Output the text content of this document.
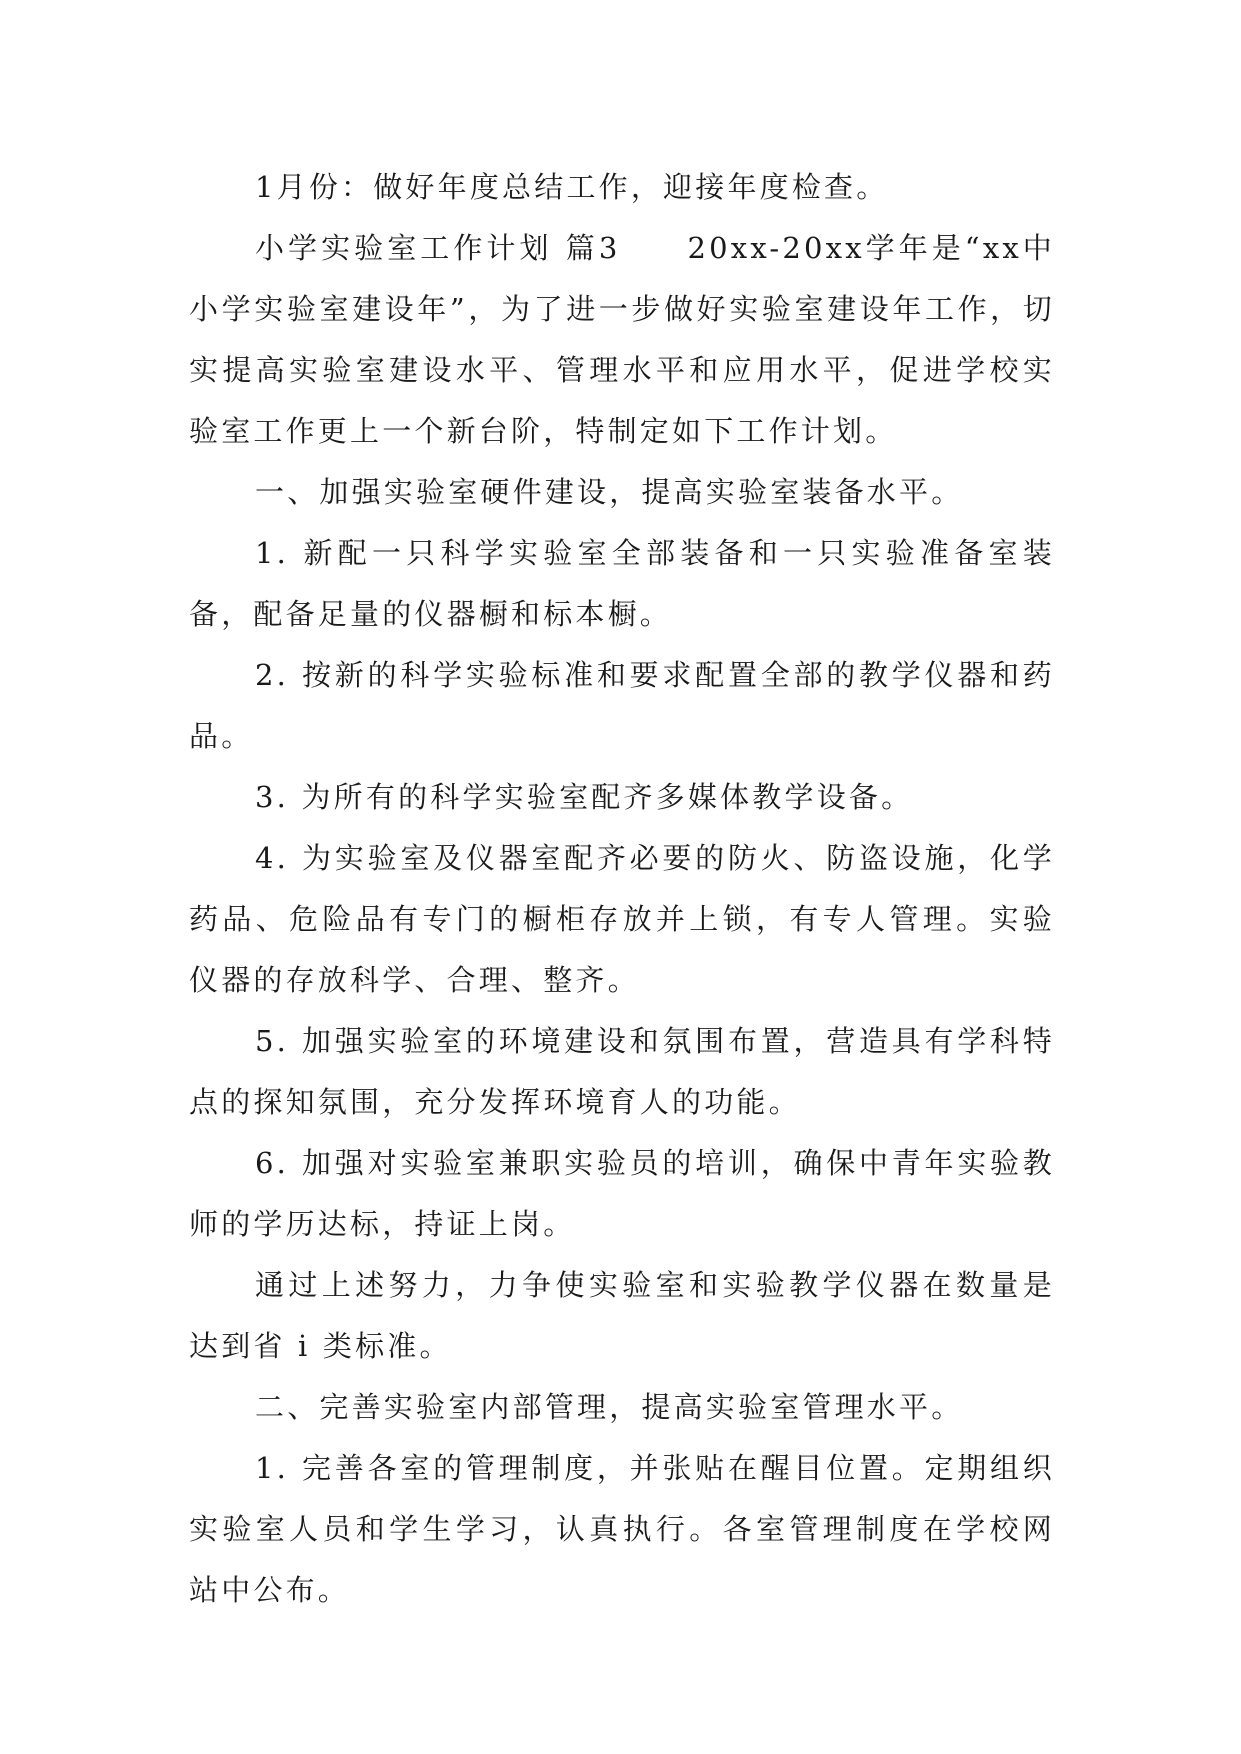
1月份：做好年度总结工作，迎接年度检查。

小学实验室工作计划 篇3　　20xx-20xx学年是“xx中小学实验室建设年”，为了进一步做好实验室建设年工作，切实提高实验室建设水平、管理水平和应用水平，促进学校实验室工作更上一个新台阶，特制定如下工作计划。

一、加强实验室硬件建设，提高实验室装备水平。

1. 新配一只科学实验室全部装备和一只实验准备室装备，配备足量的仪器橱和标本橱。

2. 按新的科学实验标准和要求配置全部的教学仪器和药品。

3. 为所有的科学实验室配齐多媒体教学设备。

4. 为实验室及仪器室配齐必要的防火、防盗设施，化学药品、危险品有专门的橱柜存放并上锁，有专人管理。实验仪器的存放科学、合理、整齐。

5. 加强实验室的环境建设和氛围布置，营造具有学科特点的探知氛围，充分发挥环境育人的功能。

6. 加强对实验室兼职实验员的培训，确保中青年实验教师的学历达标，持证上岗。

通过上述努力，力争使实验室和实验教学仪器在数量是达到省 i 类标准。

二、完善实验室内部管理，提高实验室管理水平。

1. 完善各室的管理制度，并张贴在醒目位置。定期组织实验室人员和学生学习，认真执行。各室管理制度在学校网站中公布。
